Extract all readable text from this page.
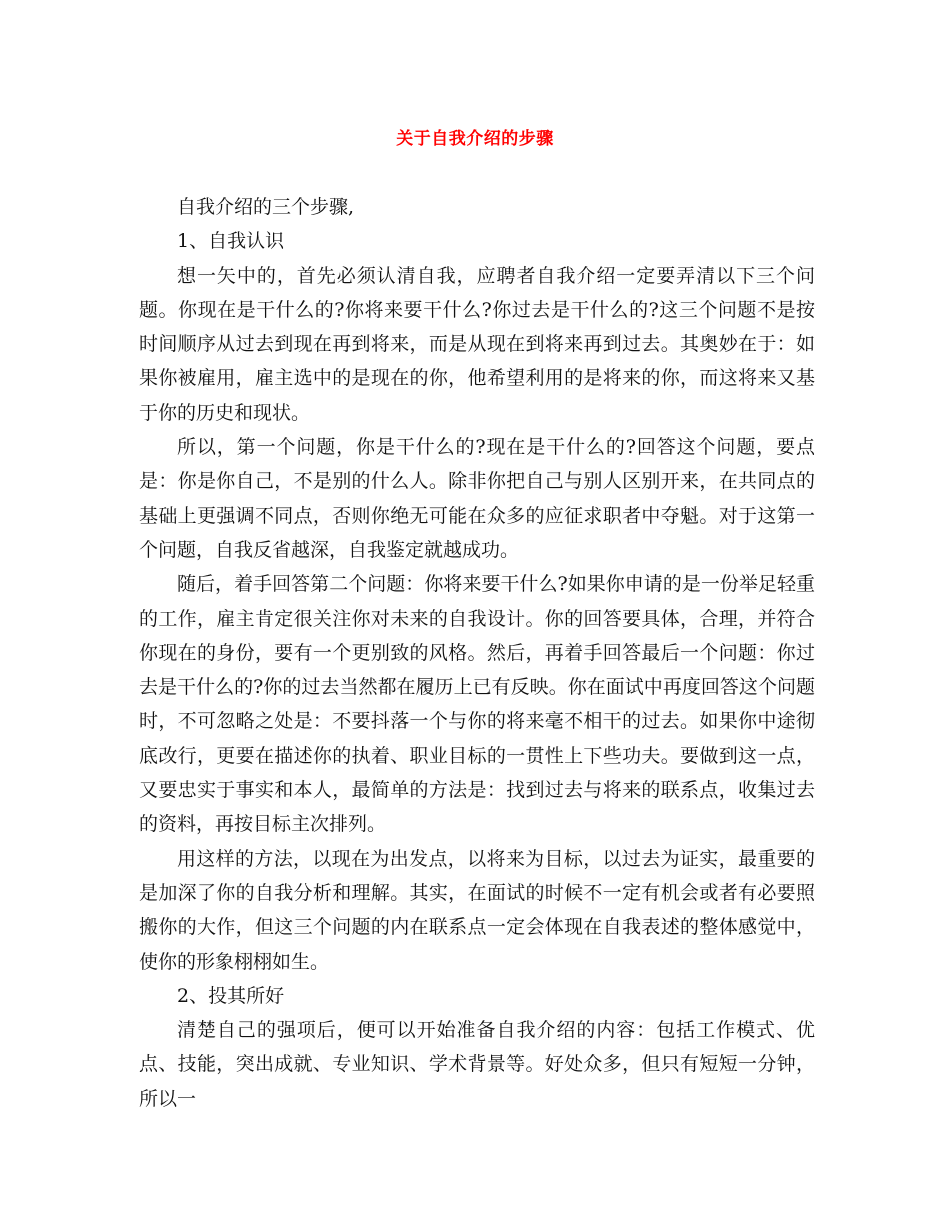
关于自我介绍的步骤

自我介绍的三个步骤,

1、自我认识

想一矢中的，首先必须认清自我，应聘者自我介绍一定要弄清以下三个问题。你现在是干什么的?你将来要干什么?你过去是干什么的?这三个问题不是按时间顺序从过去到现在再到将来，而是从现在到将来再到过去。其奥妙在于：如果你被雇用，雇主选中的是现在的你，他希望利用的是将来的你，而这将来又基于你的历史和现状。

所以，第一个问题，你是干什么的?现在是干什么的?回答这个问题，要点是：你是你自己，不是别的什么人。除非你把自己与别人区别开来，在共同点的基础上更强调不同点，否则你绝无可能在众多的应征求职者中夺魁。对于这第一个问题，自我反省越深，自我鉴定就越成功。

随后，着手回答第二个问题：你将来要干什么?如果你申请的是一份举足轻重的工作，雇主肯定很关注你对未来的自我设计。你的回答要具体，合理，并符合你现在的身份，要有一个更别致的风格。然后，再着手回答最后一个问题：你过去是干什么的?你的过去当然都在履历上已有反映。你在面试中再度回答这个问题时，不可忽略之处是：不要抖落一个与你的将来毫不相干的过去。如果你中途彻底改行，更要在描述你的执着、职业目标的一贯性上下些功夫。要做到这一点，又要忠实于事实和本人，最简单的方法是：找到过去与将来的联系点，收集过去的资料，再按目标主次排列。

用这样的方法，以现在为出发点，以将来为目标，以过去为证实，最重要的是加深了你的自我分析和理解。其实，在面试的时候不一定有机会或者有必要照搬你的大作，但这三个问题的内在联系点一定会体现在自我表述的整体感觉中，使你的形象栩栩如生。

2、投其所好

清楚自己的强项后，便可以开始准备自我介绍的内容：包括工作模式、优点、技能，突出成就、专业知识、学术背景等。好处众多，但只有短短一分钟，所以一
